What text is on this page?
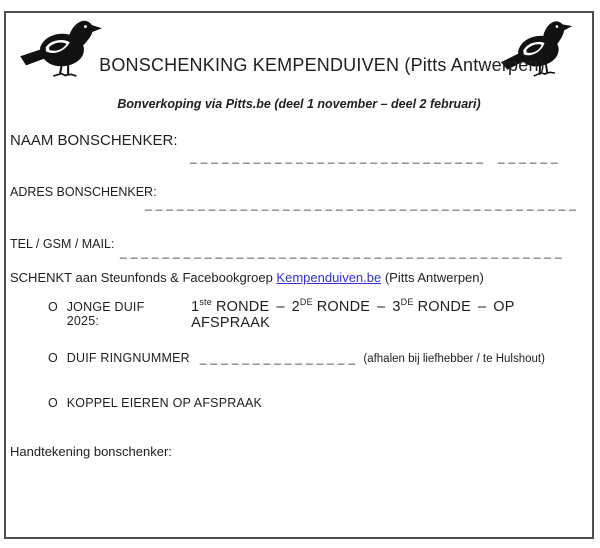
BONSCHENKING KEMPENDUIVEN (Pitts Antwerpen)
Bonverkoping via Pitts.be (deel 1 november – deel 2 februari)
NAAM BONSCHENKER:
_ _ _ _ _ _ _ _ _ _ _ _ _ _ _ _ _ _ _ _ _ _ _ _ _ _ _ _    _ _ _ _ _ _
ADRES BONSCHENKER:
_ _ _ _ _ _ _ _ _ _ _ _ _ _ _ _ _ _ _ _ _ _ _ _ _ _ _ _ _ _ _ _ _ _ _ _ _ _ _ _ _
TEL / GSM / MAIL:
_ _ _ _ _ _ _ _ _ _ _ _ _ _ _ _ _ _ _ _ _ _ _ _ _ _ _ _ _ _ _ _ _ _ _ _ _ _ _ _ _ _
SCHENKT aan Steunfonds & Facebookgroep Kempenduiven.be (Pitts Antwerpen)
O JONGE DUIF 2025:
1ste RONDE – 2DE RONDE – 3DE RONDE – OP AFSPRAAK
O DUIF RINGNUMMER _ _ _ _ _ _ _ _ _ _ _ _ _ _ _ (afhalen bij liefhebber / te Hulshout)
O KOPPEL EIEREN OP AFSPRAAK
Handtekening bonschenker:
